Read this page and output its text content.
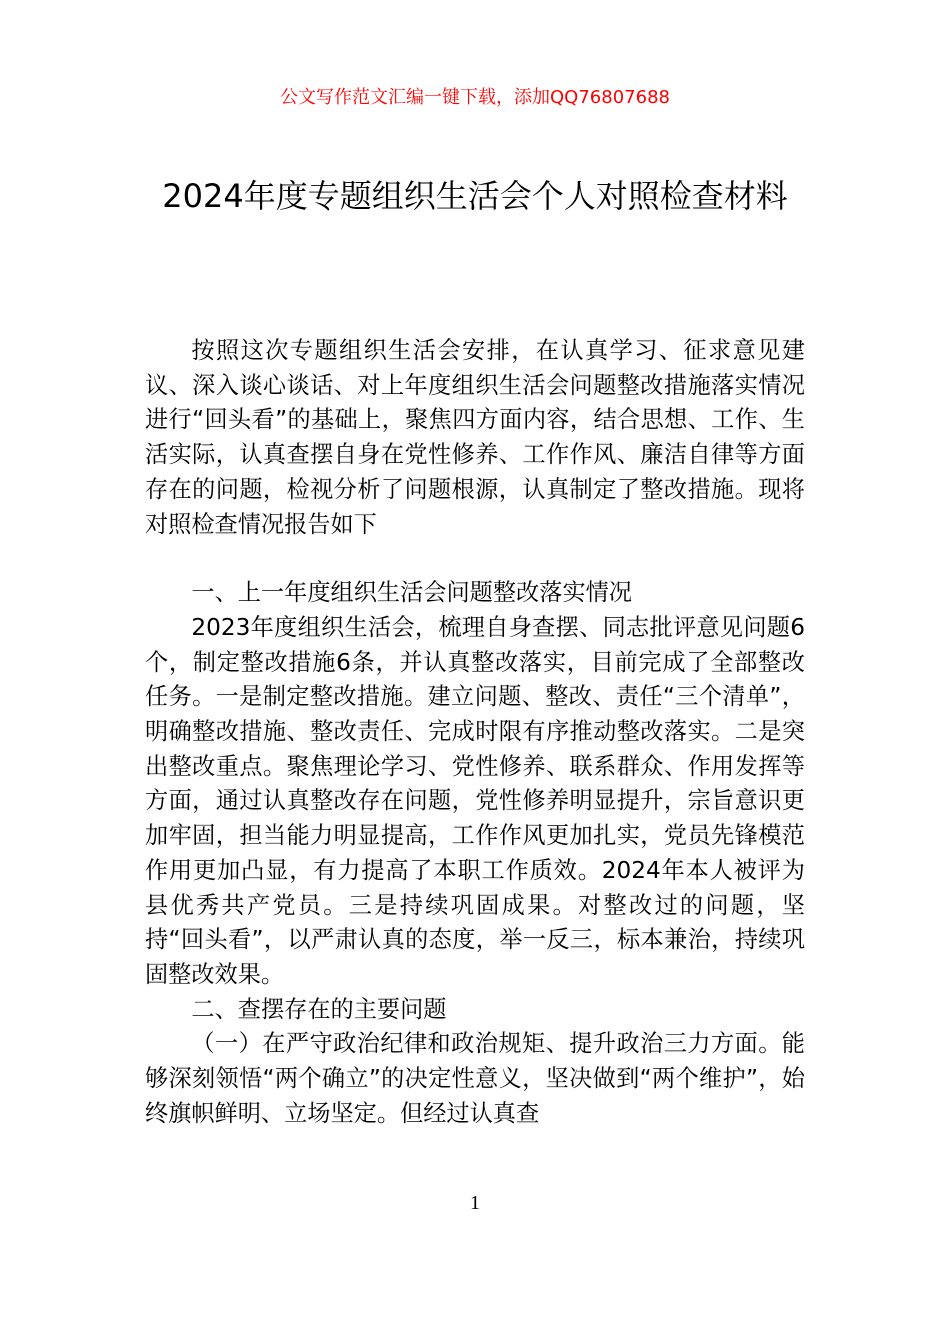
公文写作范文汇编一键下载，添加QQ76807688
2024年度专题组织生活会个人对照检查材料

按照这次专题组织生活会安排，在认真学习、征求意见建议、深入谈心谈话、对上年度组织生活会问题整改措施落实情况进行“回头看”的基础上，聚焦四方面内容，结合思想、工作、生活实际，认真查摆自身在党性修养、工作作风、廉洁自律等方面存在的问题，检视分析了问题根源，认真制定了整改措施。现将对照检查情况报告如下

一、上一年度组织生活会问题整改落实情况

2023年度组织生活会，梳理自身查摆、同志批评意见问题6个，制定整改措施6条，并认真整改落实，目前完成了全部整改任务。一是制定整改措施。建立问题、整改、责任“三个清单”，明确整改措施、整改责任、完成时限有序推动整改落实。二是突出整改重点。聚焦理论学习、党性修养、联系群众、作用发挥等方面，通过认真整改存在问题，党性修养明显提升，宗旨意识更加牢固，担当能力明显提高，工作作风更加扎实，党员先锋模范作用更加凸显，有力提高了本职工作质效。2024年本人被评为县优秀共产党员。三是持续巩固成果。对整改过的问题，坚持“回头看”，以严肃认真的态度，举一反三，标本兼治，持续巩固整改效果。

二、查摆存在的主要问题

（一）在严守政治纪律和政治规矩、提升政治三力方面。能够深刻领悟“两个确立”的决定性意义，坚决做到“两个维护”，始终旗帜鲜明、立场坚定。但经过认真查

1
